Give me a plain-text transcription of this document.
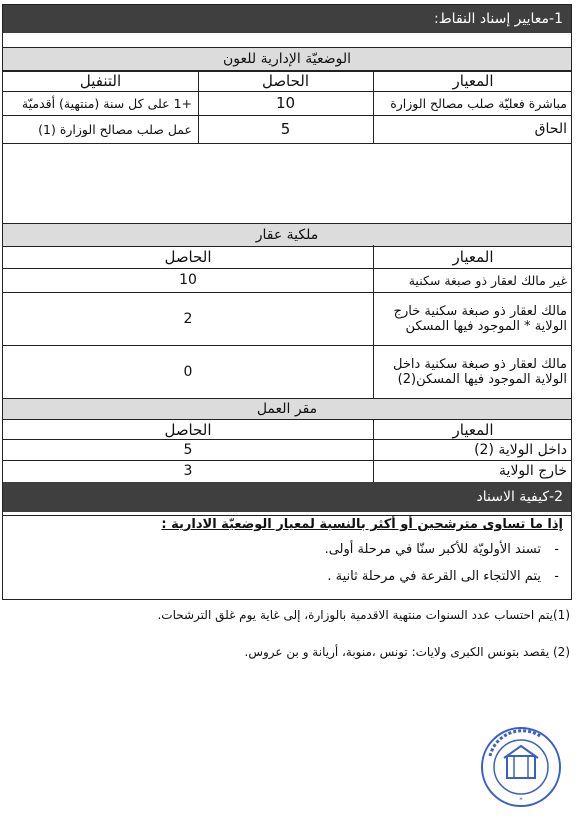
1-معايير إسناد النقاط:
الوضعيّة الإدارية للعون
المعيار
الحاصل
التنفيل
مباشرة فعليّة صلب مصالح الوزارة
10
+1 على كل سنة (منتهية) أقدميّة
الحاق
5
عمل صلب مصالح الوزارة (1)
ملكية عقار
المعيار
الحاصل
غير مالك لعقار ذو صبغة سكنية
10
مالك لعقار ذو صبغة سكنية خارج
الولاية * الموجود فيها المسكن
2
مالك لعقار ذو صبغة سكنية داخل
الولاية الموجود فيها المسكن(2)
0
مقر العمل
المعيار
الحاصل
داخل الولاية (2)
5
خارج الولاية
3
2-كيفية الاسناد
إذا ما تساوى مترشحين أو أكثر بالنسبة لمعيار الوضعيّة الادارية :
- تسند الأولويّة للأكبر سنّا في مرحلة أولى.
- يتم الالتجاء الى القرعة في مرحلة ثانية .
(1)يتم احتساب عدد السنوات منتهية الاقدمية بالوزارة، إلى غاية يوم غلق الترشحات.
(2) يقصد بتونس الكبرى ولايات: تونس ،منوبة، أريانة و بن عروس.
*
